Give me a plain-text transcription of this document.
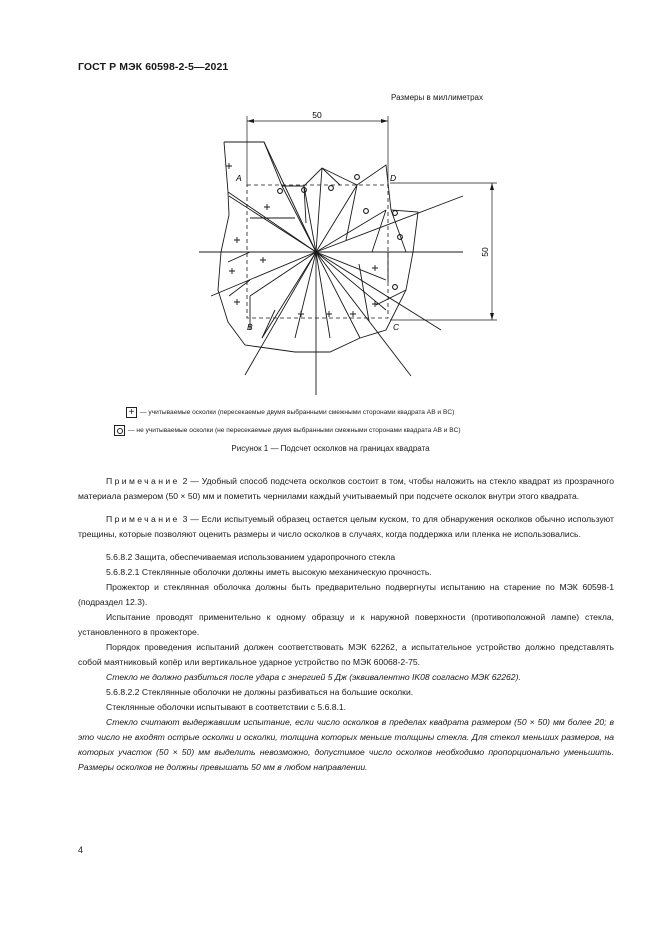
ГОСТ Р МЭК 60598-2-5—2021
Размеры в миллиметрах
50
50
A	D
B	C
+ — учитываемые осколки (пересекаемые двумя выбранными смежными сторонами квадрата AB и BC)
— не учитываемые осколки (не пересекаемые двумя выбранными смежными сторонами квадрата AB и BC)
Рисунок 1 — Подсчет осколков на границах квадрата

Примечание 2 — Удобный способ подсчета осколков состоит в том, чтобы наложить на стекло квадрат из прозрачного материала размером (50 × 50) мм и пометить чернилами каждый учитываемый при подсчете осколок внутри этого квадрата.

Примечание 3 — Если испытуемый образец остается целым куском, то для обнаружения осколков обычно используют трещины, которые позволяют оценить размеры и число осколков в случаях, когда поддержка или пленка не использовались.

5.6.8.2 Защита, обеспечиваемая использованием ударопрочного стекла

5.6.8.2.1 Стеклянные оболочки должны иметь высокую механическую прочность.

Прожектор и стеклянная оболочка должны быть предварительно подвергнуты испытанию на старение по МЭК 60598-1 (подраздел 12.3).

Испытание проводят применительно к одному образцу и к наружной поверхности (противоположной лампе) стекла, установленного в прожекторе.

Порядок проведения испытаний должен соответствовать МЭК 62262, а испытательное устройство должно представлять собой маятниковый копёр или вертикальное ударное устройство по МЭК 60068-2-75.

Стекло не должно разбиться после удара с энергией 5 Дж (эквивалентно IK08 согласно МЭК 62262).

5.6.8.2.2 Стеклянные оболочки не должны разбиваться на большие осколки.

Стеклянные оболочки испытывают в соответствии с 5.6.8.1.

Стекло считают выдержавшим испытание, если число осколков в пределах квадрата размером (50 × 50) мм более 20; в это число не входят острые осколки и осколки, толщина которых меньше толщины стекла. Для стекол меньших размеров, на которых участок (50 × 50) мм выделить невозможно, допустимое число осколков необходимо пропорционально уменьшить. Размеры осколков не должны превышать 50 мм в любом направлении.

4
